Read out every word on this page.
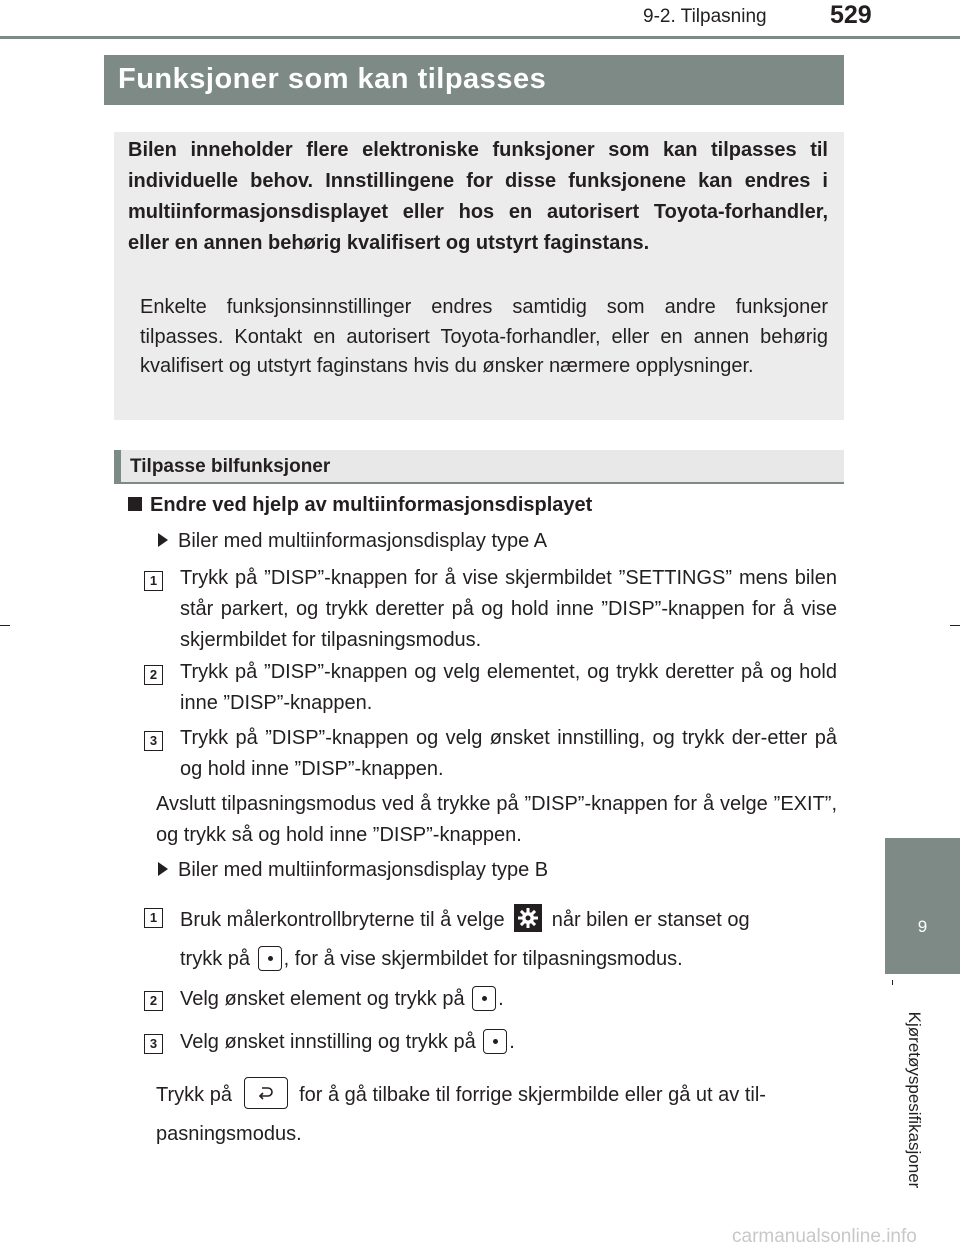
9-2. Tilpasning	529
Funksjoner som kan tilpasses

Bilen inneholder flere elektroniske funksjoner som kan tilpasses til individuelle behov. Innstillingene for disse funksjonene kan endres i multiinformasjonsdisplayet eller hos en autorisert Toyota-forhandler, eller en annen behørig kvalifisert og utstyrt faginstans.

Enkelte funksjonsinnstillinger endres samtidig som andre funksjoner tilpasses. Kontakt en autorisert Toyota-forhandler, eller en annen behørig kvalifisert og utstyrt faginstans hvis du ønsker nærmere opplysninger.

Tilpasse bilfunksjoner
Endre ved hjelp av multiinformasjonsdisplayet
Biler med multiinformasjonsdisplay type A
1 Trykk på ”DISP”-knappen for å vise skjermbildet ”SETTINGS” mens bilen står parkert, og trykk deretter på og hold inne ”DISP”-knappen for å vise skjermbildet for tilpasningsmodus.

2 Trykk på ”DISP”-knappen og velg elementet, og trykk deretter på og hold inne ”DISP”-knappen.

3 Trykk på ”DISP”-knappen og velg ønsket innstilling, og trykk der-etter på og hold inne ”DISP”-knappen.

Avslutt tilpasningsmodus ved å trykke på ”DISP”-knappen for å velge ”EXIT”, og trykk så og hold inne ”DISP”-knappen.

Biler med multiinformasjonsdisplay type B
1 Bruk målerkontrollbryterne til å velge når bilen er stanset og
trykk på , for å vise skjermbildet for tilpasningsmodus.
2 Velg ønsket element og trykk på .
3 Velg ønsket innstilling og trykk på .
Trykk på	for å gå tilbake til forrige skjermbilde eller gå ut av til-
pasningsmodus.
9
Kjøretøyspesifikasjoner
carmanualsonline.info
